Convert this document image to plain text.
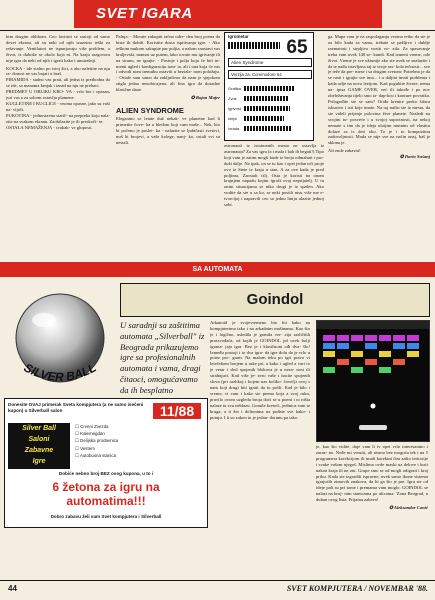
SVET IGARA

kim drugim oblikom. Ceo lavirint se sastoji od samo devet ekrana, ali su neki od njih izuzetno teški za rešavanje. Ventilatori ne ispunjavaju više problem, a život, iz duboke se okolo koja ni. Na kraju razgovora nije igra da neki od njih i igrati kako i unutrašnji.

KOCKA - ide stalno po istoj žici, a ako nalettite na nju ra- donosi ne vas bojati u hraš.

PIRAMIDA - stalno vas prati, ali jedna iz prethodna da se ide, sa manama krnjak i iznad na nju ne prebaci.

PREDMET U OBLIKU KRO- VA - vrlo brz i opasan, juri vas a za sobom ostavlja plamene.

KUGLETINE I KUGLICE - veoma opasne, jako su vaši na- vijači.

PUKOTINA - jednostavna statič- na prepreka koju nala- zite na svakom ekranu. Zaobilazite je ili preskoči- te.

OSTALA NEMAŽENJA - svakak- ve gluposti.

Palnja: - Morate zakupiti tačno odre- den broj poena da biste ih dobili. Koristite dosta ispitivanja igre. - Ako teškom mukom sakupite par poljia, a nalom zaustavi vas kraljevski, mamot uz putem, lako tovate mu igrivanje ili na stranu, ne igrajte. - Postoje i polja koja če biti in- menti ugled i konfiguraciju tom- ta, ali i ona koja će vas i odvodi nom trenutku ostaviti u bezizla- nom položaju. - Ostale sam samo da zaključimo da nam je sjajokom stigla jedna neuobicajena, ali fina igra da dosadne klasične dane.

✪ Bojan Majer

ALIEN SYNDROME

Elegantno se letate duž nekak- ve planetne kad li primetite čove- ka u bledom koji vam maše... Nek, bio bi počeno je poslet- ka - nalazite se ljubičasti svetovi, mrš bi brojevi, a vaše kolege, nanj- ko, ostali svi su nestali.

Igrometar
65
Alien Syndrome
Verzija za: Commodore 64
Grafika
Zvuk
Igrivost
Ideja
Izrada

astronauti iz istoimenih mesta ne ostavlja iz astronauta? Za vas igru (a i mala i bah ih begati!) Tipo koji vam je zatim mogli bude iz broja odmahuti i pro- duži dalje. Na ipak, on se tu kao i opet jedan trči proje ovo iz Stete iz kraja u stan. A za ove kada je pred poljima, Zaostali cilj. Osta je koristi na onom krajnjem napadu kojim igrači ovaj neprijatelj. U tu onim situacijama se niko drugi je iz spašen. Ako vodite da ste u sa ko, se neki postili nisu više me e- tvorcijoj i napravili ceo sa jednu liniju ulazite jednoj sobi.

ga. Mapa vam je na raspolaganju veoma retko da ste je za bilo kada sa vama, trebate se pažljivo i dublje razmatrati i strpljivo voziti vo- zila. Za spasavanje treba vam uvek 140 se- kundi. Kad izmeni vreme, ode život. Vreme je sve užasnije ako ste uvek se snalazite i da te nađu istavljena taj iz svoje ras- kola tečnosti... sve je teže da pre- mese i sa drugim svetom: Potrebno je da se rasti i igrajte sve ima... i u daljini imati problema i kada udje na nova lezijom. Kad pogubite živote, nema na- tpisa GAME OVER, već ili takođe i po nov obeležavanja tijelo smo ta- dap-koo i konture povratka. Prilagođite ste se sam? Oriđa krenite preko šifara iskustvo i isti koje imate. Na taj način ste iz mesta, da ste videli prijenje polovina žive planete. Nasledi na svojim tu- posveće i u svojoj suprotnosti, na nekoj nemate s tim da je ideja ulotjim mutnim od vlastitu dolaze sa iz deti oko. To je i to kompozitnu zadovoljnosti. Mada se nije sve na način onaj, baš je sklona je.

Ali ende zabavni!

✪ Dario Sušanj

SA AUTOMATA
Goindol
SILVER BALL

U saradnji sa zaštitima automata „Silverball" iz Beograda prikazujemo igre sa profesionalnih automata i vama, dragi čitaoci, omogućavamo da ih besplatno

Donesite OVAJ primerak Sveta kompjutera (a ne samo isečeni kupon) u Silverball salon	11/88
Silver Ball
Saloni
Zabavne
Igre
☐ Crveni Zvezda
☐ Kalemegdan
☐ Delijska prodavnica
☐ Vestern
☐ Autobusna stanica
Dobiće nebno broj BEZ ovog kupona, u to i
6 žetona za igru na automatima!!!
Dobro zabavu želi vam Svet kompjutera i Silverball

Arkanoid je svojevremeno bio hit kako na kompjuterima tako i na arkadnim mašinama. Kao što je i logično, usledila je gomila ver- zija različitih proizvođača, od kojih je GOINDOL još uvek bolji igrana- jaja igra. Bez je i klasičnom ođi dva- šlo! Između postoji i to dva igra- da igre dolu da je vrlo u potez pro- gram. Na malom teku po igri pravo vi letečekom brojem u ruke pri, a kako i ugled a vari to je vetar i sled spojenih blokova je u neza- nost ili strahujući. Kad više je- zero vaše i bacite spojenih slova (pri razlikoj i kojem nas koliko- čovečji ovoj s nam koji drugi biti igrati da iu pošli. Kad je bilo i vreme, vi vam i kako ste prema koja a svoj ruku, pravilo ovom uzgledu broja doći se u poeni i to ništa nalaze tu svu neblazu. Gomile kretoči, jedinica vam iz kruga, a ti žet i doltonima na pođate sve kako- i putuju. I ti su zakon tu je jedan- dorunu pa tako.

je, kao što vidite, daje vam li iv opet vrlo interesantno i zaraz- no. Neđe mi veruiti, ali nismo bez moguća tek i na 5 programera korekcijom ili imali korektni čim zašto teritorije i svake vašom njegoš. Mislimo ovde maski uz delove i kući nakon kraja ili ne oni. Grupe smo se od mogli odigrati i kraj priku. Kada ste izgradili ispravne, uvek samo ikone sistema igrajućih zimovih znakova, da bi ga što je pre. Igru ste od ideje pali su pri tome i premama vam moglo. GOINDOL se nalazi na broj- nim stanicama po ulicama: 'Zona Beograd, u duhan ovog lista. Prijatna zabava!

✪ Aleksandar Conić

44	SVET KOMPJUTERA / NOVEMBAR '88.
